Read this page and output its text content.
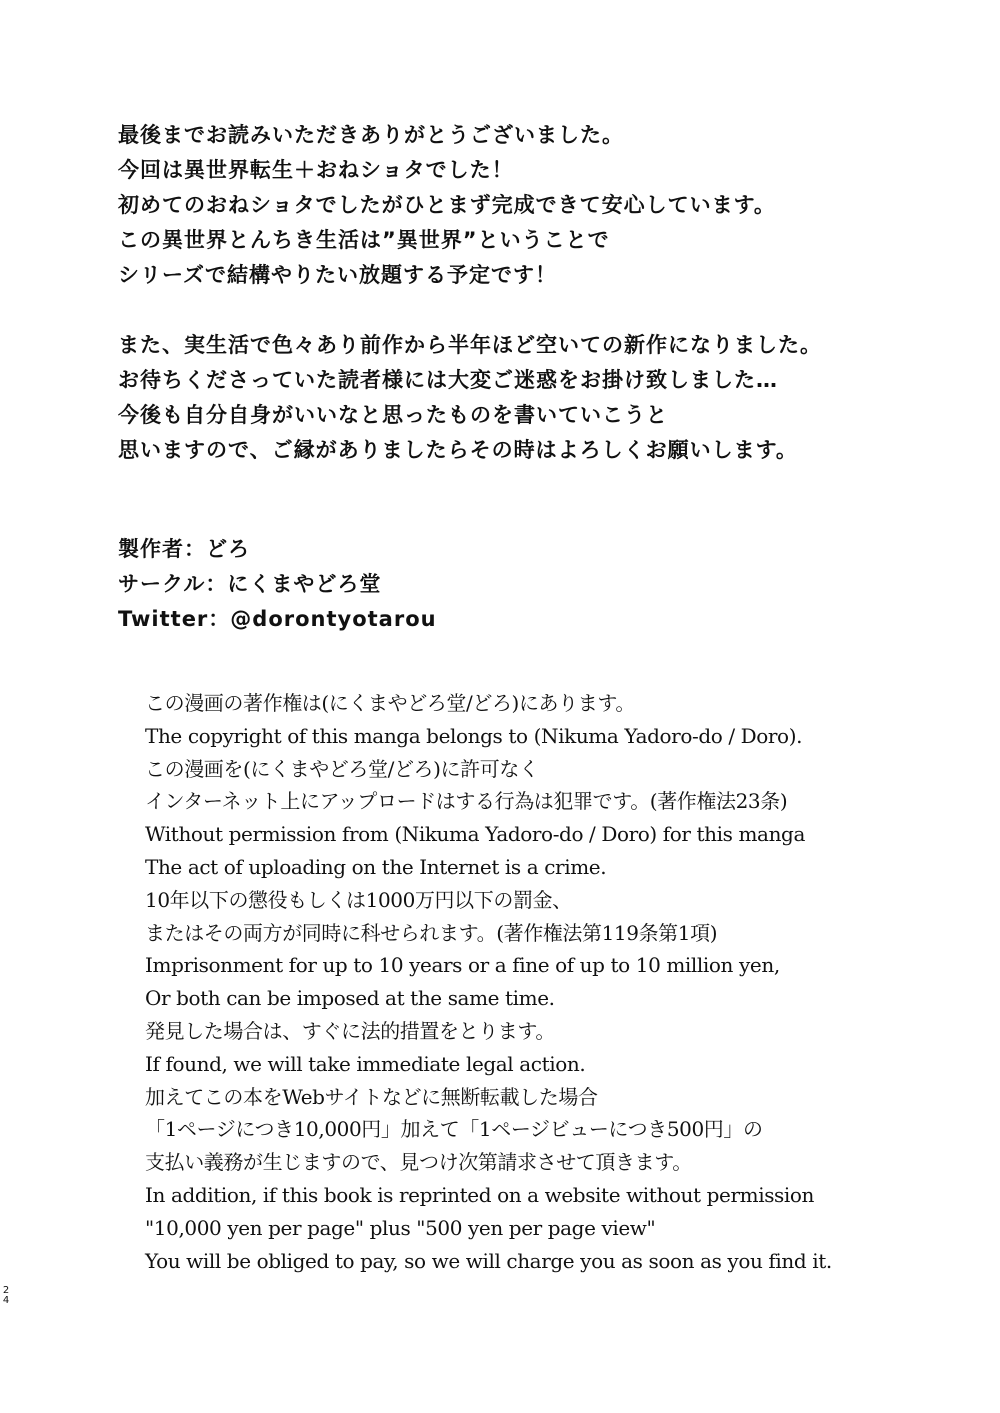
最後までお読みいただきありがとうございました。
今回は異世界転生＋おねショタでした！
初めてのおねショタでしたがひとまず完成できて安心しています。
この異世界とんちき生活は”異世界”ということで
シリーズで結構やりたい放題する予定です！
また、実生活で色々あり前作から半年ほど空いての新作になりました。
お待ちくださっていた読者様には大変ご迷惑をお掛け致しました…
今後も自分自身がいいなと思ったものを書いていこうと
思いますので、ご縁がありましたらその時はよろしくお願いします。
製作者：どろ
サークル：にくまやどろ堂
Twitter：@dorontyotarou
この漫画の著作権は(にくまやどろ堂/どろ)にあります。
The copyright of this manga belongs to (Nikuma Yadoro-do / Doro).
この漫画を(にくまやどろ堂/どろ)に許可なく
インターネット上にアップロードはする行為は犯罪です。(著作権法23条)
Without permission from (Nikuma Yadoro-do / Doro) for this manga
The act of uploading on the Internet is a crime.
10年以下の懲役もしくは1000万円以下の罰金、
またはその両方が同時に科せられます。(著作権法第119条第1項)
Imprisonment for up to 10 years or a fine of up to 10 million yen,
Or both can be imposed at the same time.
発見した場合は、すぐに法的措置をとります。
If found, we will take immediate legal action.
加えてこの本をWebサイトなどに無断転載した場合
「1ページにつき10,000円」加えて「1ページビューにつき500円」の
支払い義務が生じますので、見つけ次第請求させて頂きます。
In addition, if this book is reprinted on a website without permission
"10,000 yen per page" plus "500 yen per page view"
You will be obliged to pay, so we will charge you as soon as you find it.
24
